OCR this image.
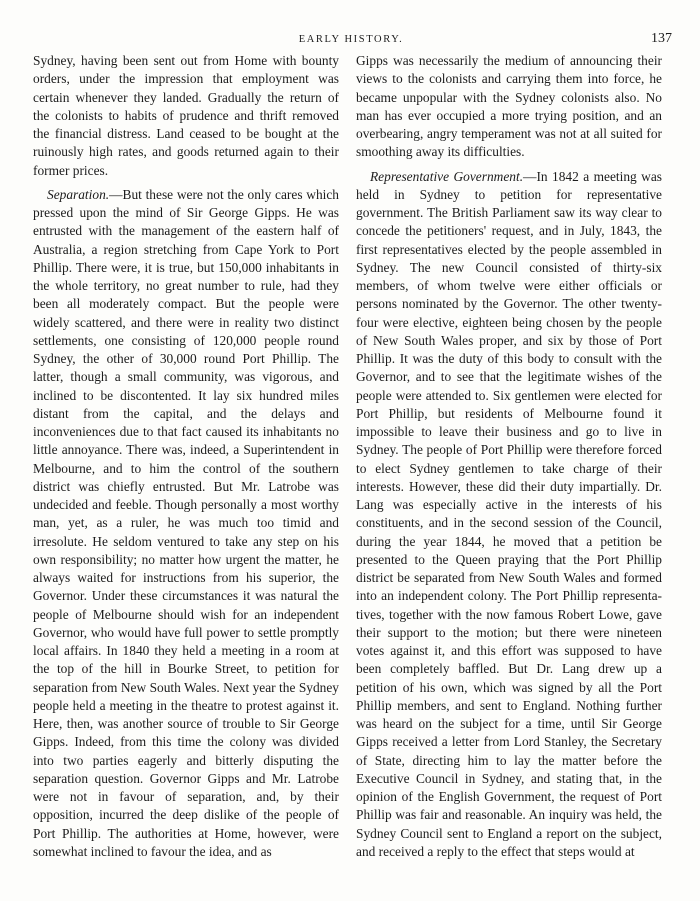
EARLY HISTORY.	137

Sydney, having been sent out from Home with bounty orders, under the impression that employment was certain whenever they landed. Gradually the return of the colonists to habits of prudence and thrift removed the financial distress. Land ceased to be bought at the ruinously high rates, and goods returned again to their former prices.

Separation.—But these were not the only cares which pressed upon the mind of Sir George Gipps. He was entrusted with the management of the eastern half of Australia, a region stretching from Cape York to Port Phillip. There were, it is true, but 150,000 inhabitants in the whole territory, no great number to rule, had they been all moderately compact. But the people were widely scattered, and there were in reality two distinct settlements, one consisting of 120,000 people round Sydney, the other of 30,000 round Port Phillip. The latter, though a small community, was vigorous, and inclined to be discontented. It lay six hundred miles distant from the capital, and the delays and inconveniences due to that fact caused its inhabitants no little annoyance. There was, indeed, a Superintendent in Melbourne, and to him the control of the southern district was chiefly entrusted. But Mr. Latrobe was undecided and feeble. Though personally a most worthy man, yet, as a ruler, he was much too timid and irresolute. He seldom ventured to take any step on his own responsibility; no matter how urgent the matter, he always waited for instructions from his superior, the Governor. Under these circumstances it was natural the people of Melbourne should wish for an independent Governor, who would have full power to settle promptly local affairs. In 1840 they held a meeting in a room at the top of the hill in Bourke Street, to petition for separation from New South Wales. Next year the Sydney people held a meeting in the theatre to protest against it. Here, then, was another source of trouble to Sir George Gipps. Indeed, from this time the colony was divided into two parties eagerly and bitterly disputing the separation question. Governor Gipps and Mr. Latrobe were not in favour of separation, and, by their opposition, incurred the deep dislike of the people of Port Phillip. The authorities at Home, however, were somewhat inclined to favour the idea, and as

Gipps was necessarily the medium of announcing their views to the colonists and carrying them into force, he became unpopular with the Sydney colonists also. No man has ever occupied a more trying position, and an overbearing, angry temperament was not at all suited for smoothing away its difficulties.

Representative Government.—In 1842 a meeting was held in Sydney to petition for representative government. The British Parliament saw its way clear to concede the petitioners' request, and in July, 1843, the first representatives elected by the people assembled in Sydney. The new Council consisted of thirty-six members, of whom twelve were either officials or persons nominated by the Governor. The other twenty-four were elective, eighteen being chosen by the people of New South Wales proper, and six by those of Port Phillip. It was the duty of this body to consult with the Governor, and to see that the legitimate wishes of the people were attended to. Six gentlemen were elected for Port Phillip, but residents of Melbourne found it impossible to leave their business and go to live in Sydney. The people of Port Phillip were therefore forced to elect Sydney gentlemen to take charge of their interests. However, these did their duty impartially. Dr. Lang was especially active in the interests of his constituents, and in the second session of the Council, during the year 1844, he moved that a petition be presented to the Queen praying that the Port Phillip district be separated from New South Wales and formed into an independent colony. The Port Phillip representatives, together with the now famous Robert Lowe, gave their support to the motion; but there were nineteen votes against it, and this effort was supposed to have been completely baffled. But Dr. Lang drew up a petition of his own, which was signed by all the Port Phillip members, and sent to England. Nothing further was heard on the subject for a time, until Sir George Gipps received a letter from Lord Stanley, the Secretary of State, directing him to lay the matter before the Executive Council in Sydney, and stating that, in the opinion of the English Government, the request of Port Phillip was fair and reasonable. An inquiry was held, the Sydney Council sent to England a report on the subject, and received a reply to the effect that steps would at
